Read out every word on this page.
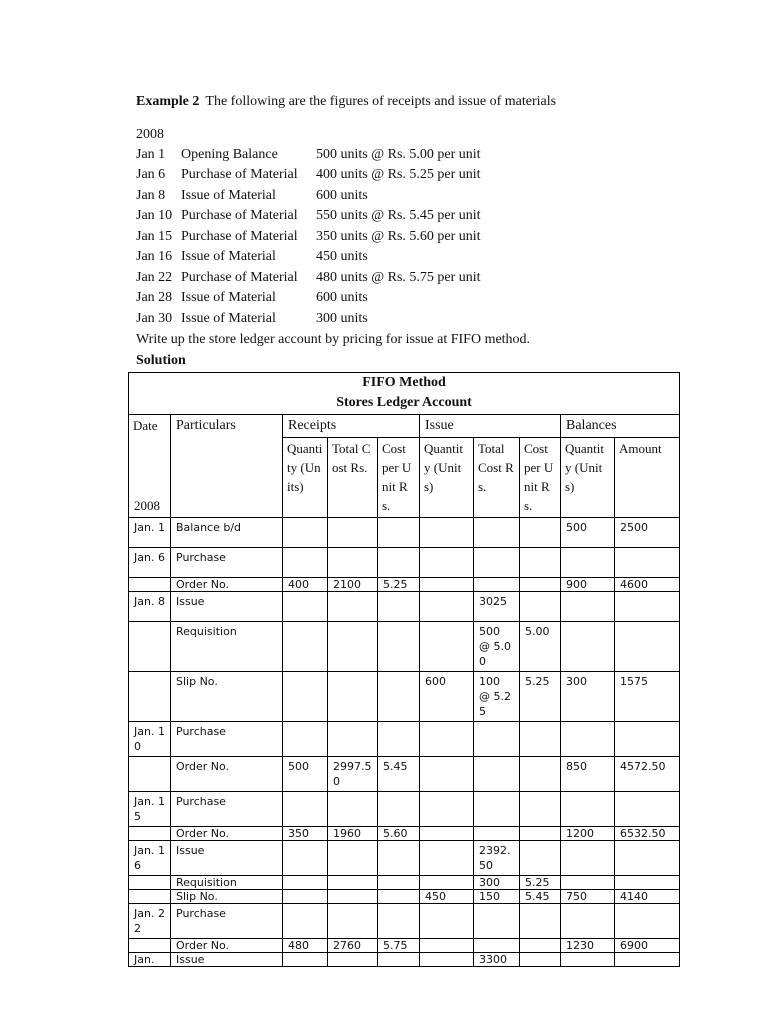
Example 2 The following are the figures of receipts and issue of materials
2008
Jan 1 Opening Balance	500 units @ Rs. 5.00 per unit
Jan 6 Purchase of Material 400 units @ Rs. 5.25 per unit
Jan 8 Issue of Material	600 units
Jan 10 Purchase of Material 550 units @ Rs. 5.45 per unit
Jan 15 Purchase of Material 350 units @ Rs. 5.60 per unit
Jan 16 Issue of Material	450 units
Jan 22 Purchase of Material 480 units @ Rs. 5.75 per unit
Jan 28 Issue of Material	600 units
Jan 30 Issue of Material	300 units
Write up the store ledger account by pricing for issue at FIFO method.
Solution
FIFO Method
Stores Ledger Account									

Date
2008	Particulars	Receipts			Issue			Balances	
		Quantity (Units)	Total Cost Rs.	Cost per Unit Rs.	Quantity (Units)	Total Cost Rs.	Cost per Unit Rs.	Quantity (Units)	Amount
Jan. 1	Balance b/d							500	2500
Jan. 6	Purchase								
	Order No.	400	2100	5.25				900	4600
Jan. 8	Issue					3025			
	Requisition					500 @ 5.00	5.00		
	Slip No.				600	100 @ 5.25	5.25	300	1575
Jan. 10	Purchase								
	Order No.	500	2997.50	5.45				850	4572.50
Jan. 15	Purchase								
	Order No.	350	1960	5.60				1200	6532.50
Jan. 16	Issue					2392.50			
	Requisition					300	5.25		
	Slip No.				450	150	5.45	750	4140
Jan. 22	Purchase								
	Order No.	480	2760	5.75				1230	6900
Jan.	Issue					3300			
